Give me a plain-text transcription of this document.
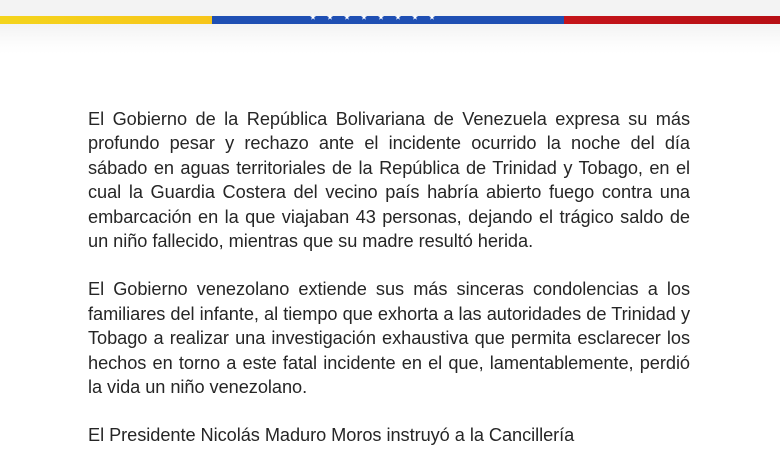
El Gobierno de la República Bolivariana de Venezuela expresa su más profundo pesar y rechazo ante el incidente ocurrido la noche del día sábado en aguas territoriales de la República de Trinidad y Tobago, en el cual la Guardia Costera del vecino país habría abierto fuego contra una embarcación en la que viajaban 43 personas, dejando el trágico saldo de un niño fallecido, mientras que su madre resultó herida.

El Gobierno venezolano extiende sus más sinceras condolencias a los familiares del infante, al tiempo que exhorta a las autoridades de Trinidad y Tobago a realizar una investigación exhaustiva que permita esclarecer los hechos en torno a este fatal incidente en el que, lamentablemente, perdió la vida un niño venezolano.

El Presidente Nicolás Maduro Moros instruyó a la Cancillería
